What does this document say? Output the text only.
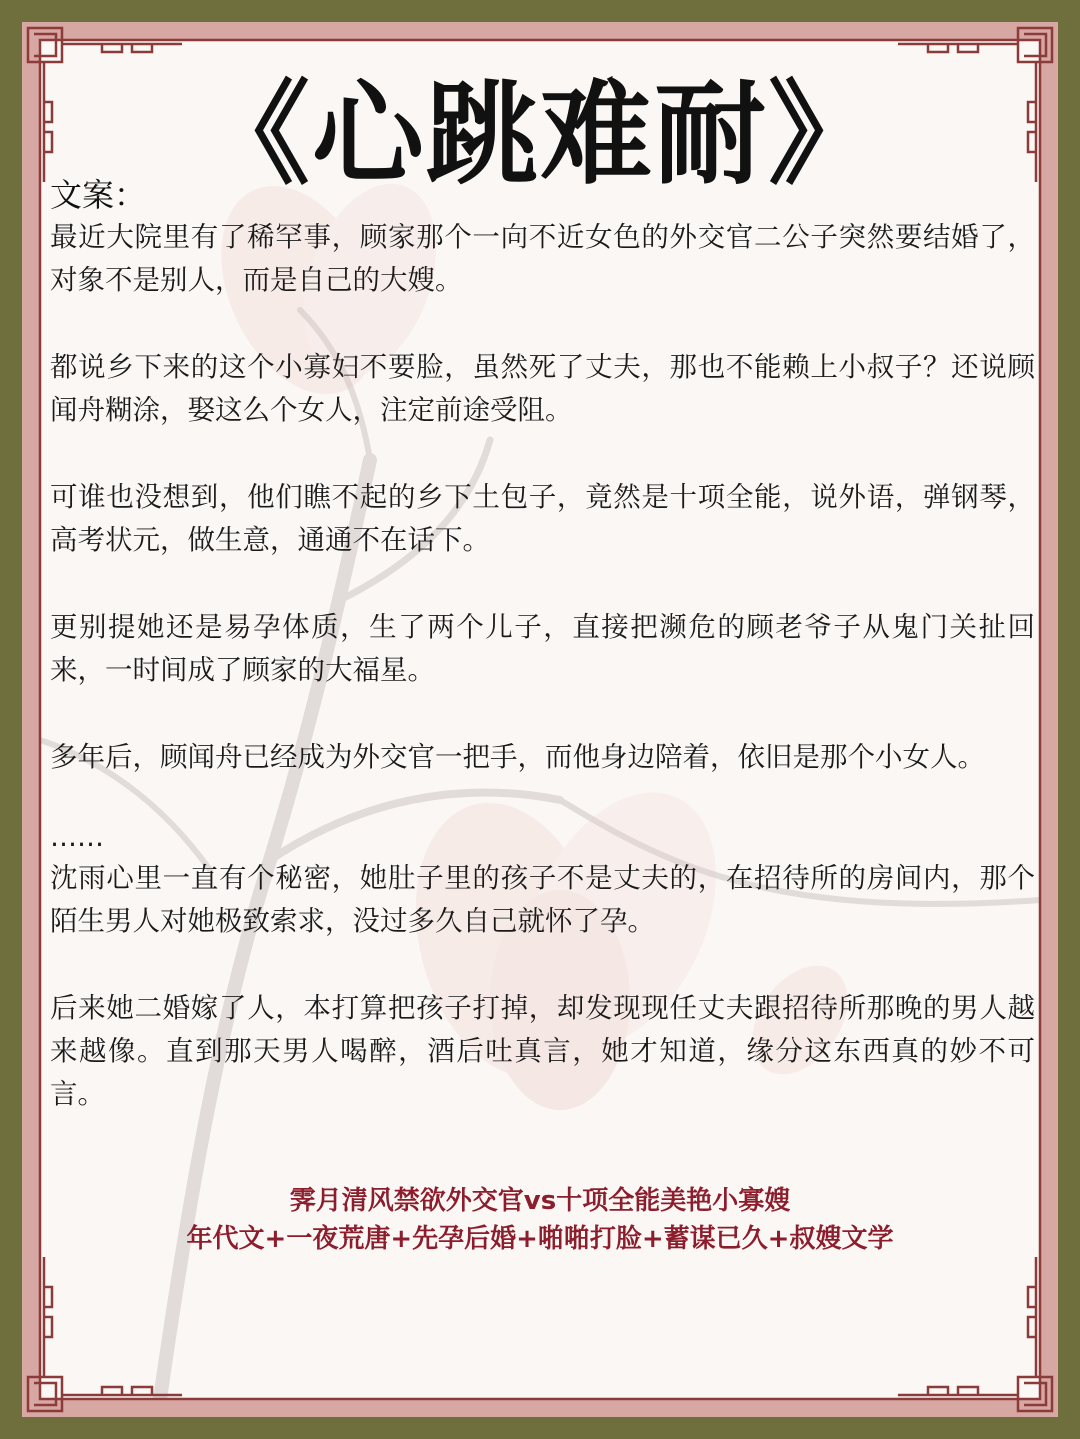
《心跳难耐》
文案：

最近大院里有了稀罕事，顾家那个一向不近女色的外交官二公子突然要结婚了，对象不是别人，而是自己的大嫂。

都说乡下来的这个小寡妇不要脸，虽然死了丈夫，那也不能赖上小叔子？还说顾闻舟糊涂，娶这么个女人，注定前途受阻。

可谁也没想到，他们瞧不起的乡下土包子，竟然是十项全能，说外语，弹钢琴，高考状元，做生意，通通不在话下。

更别提她还是易孕体质，生了两个儿子，直接把濒危的顾老爷子从鬼门关扯回来，一时间成了顾家的大福星。

多年后，顾闻舟已经成为外交官一把手，而他身边陪着，依旧是那个小女人。

……

沈雨心里一直有个秘密，她肚子里的孩子不是丈夫的，在招待所的房间内，那个陌生男人对她极致索求，没过多久自己就怀了孕。

后来她二婚嫁了人，本打算把孩子打掉，却发现现任丈夫跟招待所那晚的男人越来越像。直到那天男人喝醉，酒后吐真言，她才知道，缘分这东西真的妙不可言。

霁月清风禁欲外交官vs十项全能美艳小寡嫂
年代文+一夜荒唐+先孕后婚+啪啪打脸+蓄谋已久+叔嫂文学
